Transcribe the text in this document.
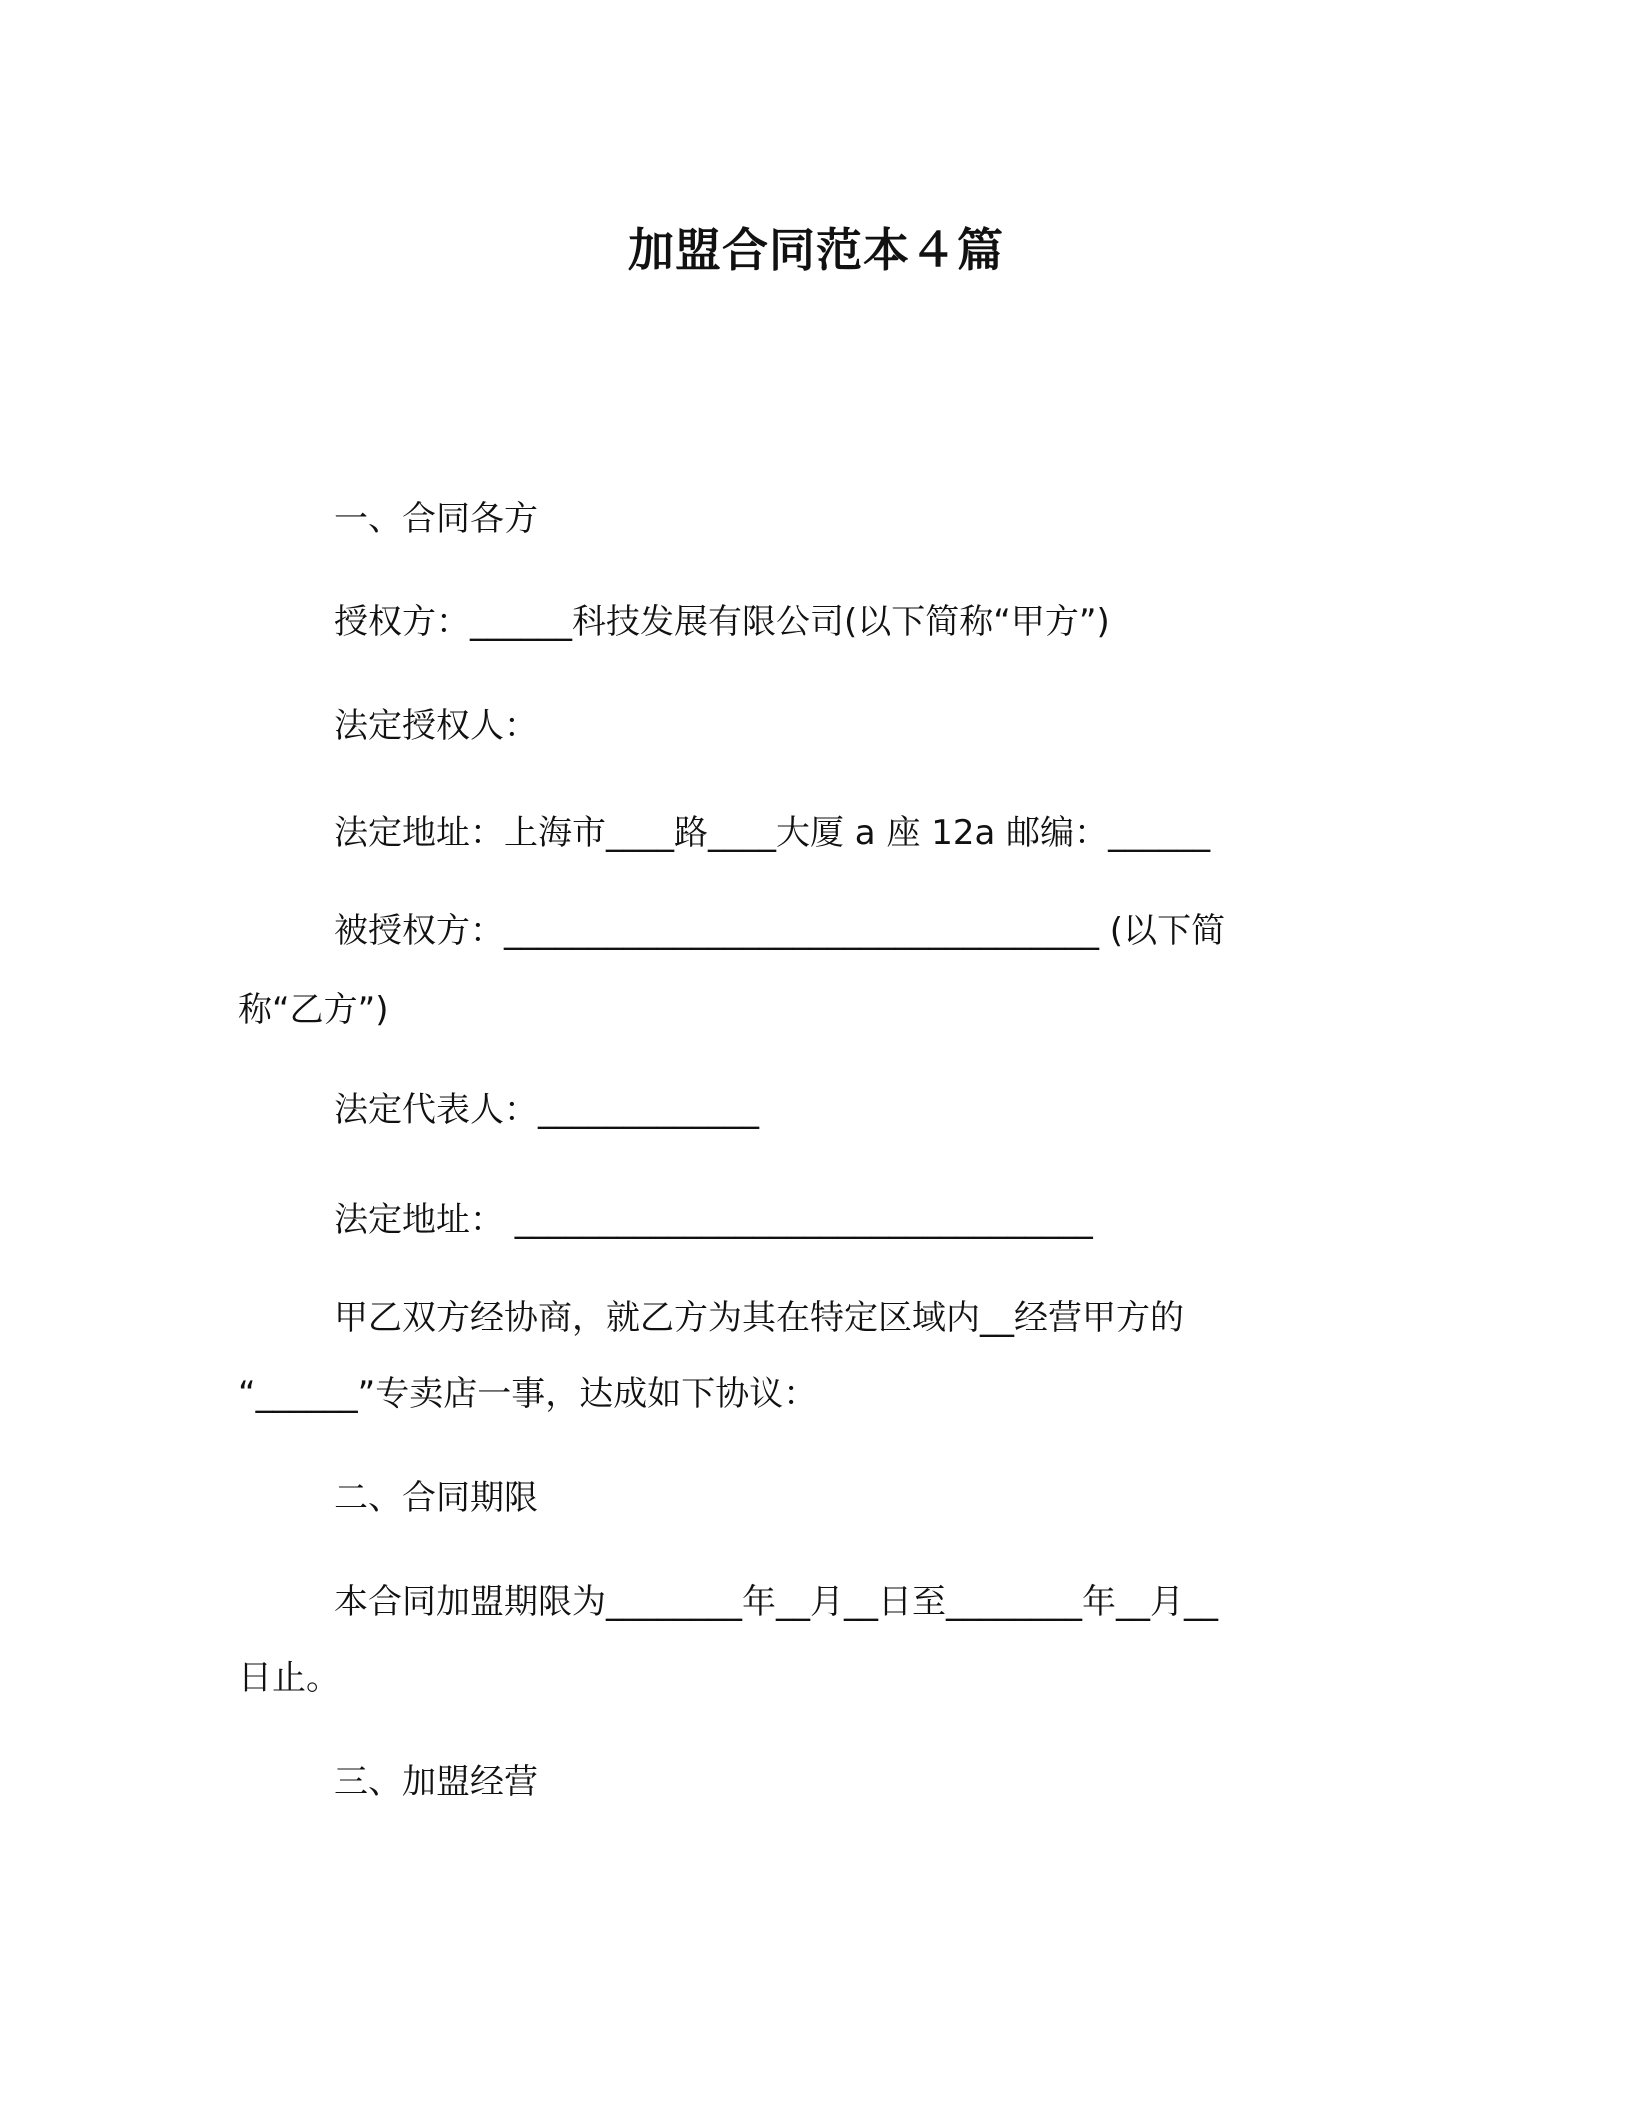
加盟合同范本４篇
一、合同各方
授权方：______科技发展有限公司(以下简称“甲方”)
法定授权人：
法定地址：上海市____路____大厦 a 座 12a 邮编：______
被授权方：___________________________________ (以下简
称“乙方”)
法定代表人：_____________
法定地址： __________________________________
甲乙双方经协商，就乙方为其在特定区域内__经营甲方的
“______”专卖店一事，达成如下协议：
二、合同期限
本合同加盟期限为________年__月__日至________年__月__
日止。
三、加盟经营
